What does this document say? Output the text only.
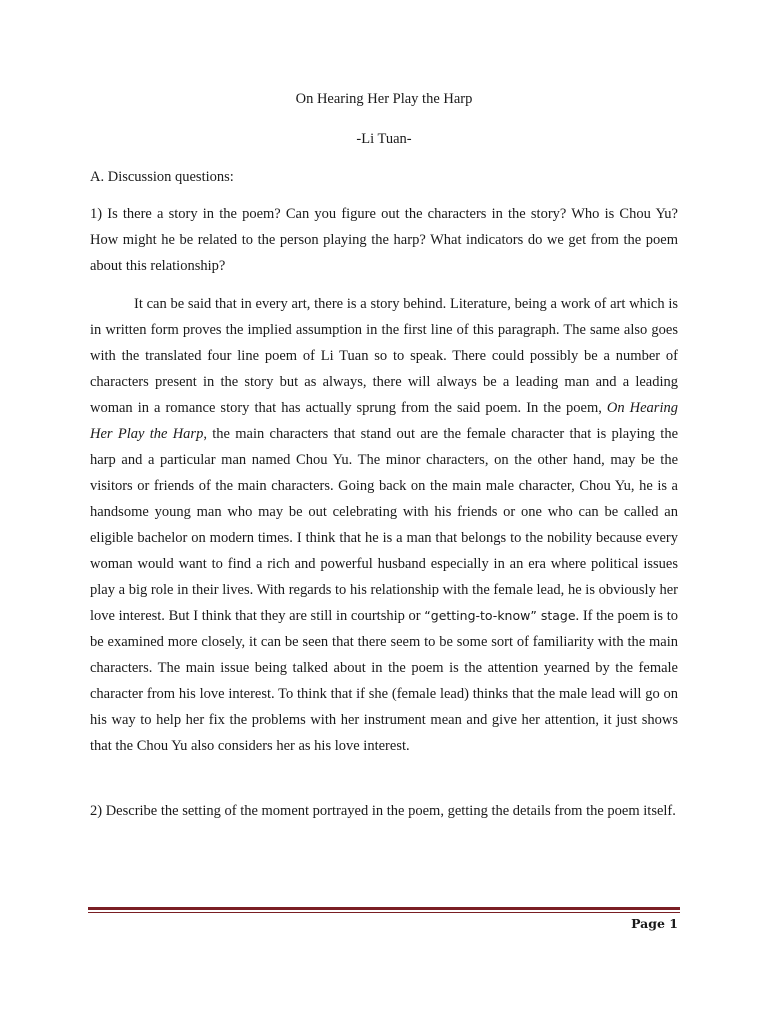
On Hearing Her Play the Harp
-Li Tuan-
A. Discussion questions:

1) Is there a story in the poem? Can you figure out the characters in the story? Who is Chou Yu? How might he be related to the person playing the harp? What indicators do we get from the poem about this relationship?

It can be said that in every art, there is a story behind. Literature, being a work of art which is in written form proves the implied assumption in the first line of this paragraph. The same also goes with the translated four line poem of Li Tuan so to speak. There could possibly be a number of characters present in the story but as always, there will always be a leading man and a leading woman in a romance story that has actually sprung from the said poem. In the poem, On Hearing Her Play the Harp, the main characters that stand out are the female character that is playing the harp and a particular man named Chou Yu. The minor characters, on the other hand, may be the visitors or friends of the main characters. Going back on the main male character, Chou Yu, he is a handsome young man who may be out celebrating with his friends or one who can be called an eligible bachelor on modern times. I think that he is a man that belongs to the nobility because every woman would want to find a rich and powerful husband especially in an era where political issues play a big role in their lives. With regards to his relationship with the female lead, he is obviously her love interest. But I think that they are still in courtship or “getting-to-know” stage. If the poem is to be examined more closely, it can be seen that there seem to be some sort of familiarity with the main characters. The main issue being talked about in the poem is the attention yearned by the female character from his love interest. To think that if she (female lead) thinks that the male lead will go on his way to help her fix the problems with her instrument mean and give her attention, it just shows that the Chou Yu also considers her as his love interest.

2) Describe the setting of the moment portrayed in the poem, getting the details from the poem itself.

Page 1
